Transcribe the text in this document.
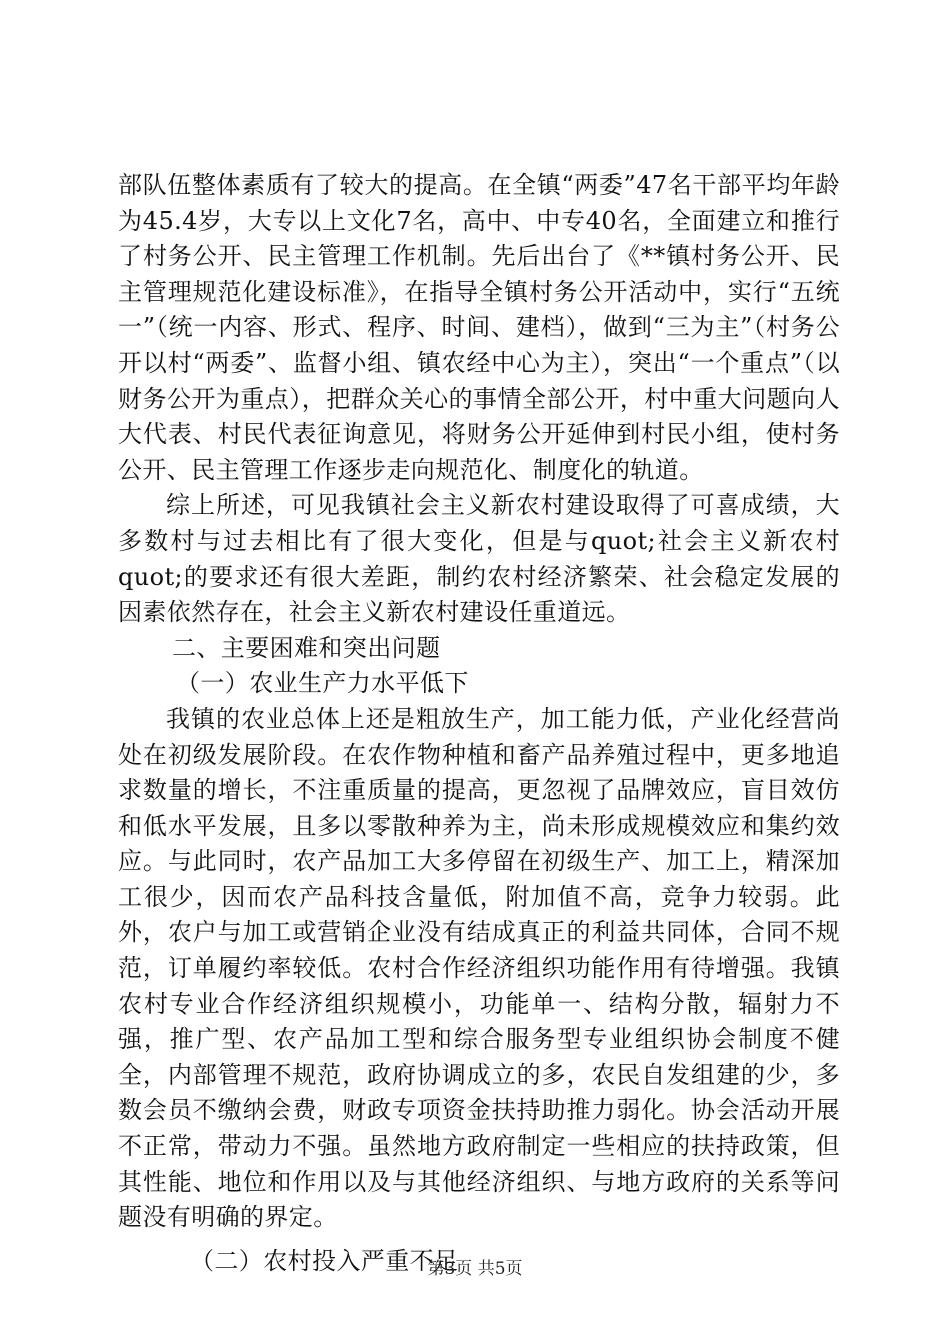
部队伍整体素质有了较大的提高。在全镇“两委”47名干部平均年龄为45.4岁，大专以上文化7名，高中、中专40名，全面建立和推行了村务公开、民主管理工作机制。先后出台了《**镇村务公开、民主管理规范化建设标准》，在指导全镇村务公开活动中，实行“五统一”（统一内容、形式、程序、时间、建档），做到“三为主”（村务公开以村“两委”、监督小组、镇农经中心为主），突出“一个重点”（以财务公开为重点），把群众关心的事情全部公开，村中重大问题向人大代表、村民代表征询意见，将财务公开延伸到村民小组，使村务公开、民主管理工作逐步走向规范化、制度化的轨道。

综上所述，可见我镇社会主义新农村建设取得了可喜成绩，大多数村与过去相比有了很大变化，但是与quot;社会主义新农村quot;的要求还有很大差距，制约农村经济繁荣、社会稳定发展的因素依然存在，社会主义新农村建设任重道远。

二、主要困难和突出问题

（一）农业生产力水平低下

我镇的农业总体上还是粗放生产，加工能力低，产业化经营尚处在初级发展阶段。在农作物种植和畜产品养殖过程中，更多地追求数量的增长，不注重质量的提高，更忽视了品牌效应，盲目效仿和低水平发展，且多以零散种养为主，尚未形成规模效应和集约效应。与此同时，农产品加工大多停留在初级生产、加工上，精深加工很少，因而农产品科技含量低，附加值不高，竞争力较弱。此外，农户与加工或营销企业没有结成真正的利益共同体，合同不规范，订单履约率较低。农村合作经济组织功能作用有待增强。我镇农村专业合作经济组织规模小，功能单一、结构分散，辐射力不强，推广型、农产品加工型和综合服务型专业组织协会制度不健全，内部管理不规范，政府协调成立的多，农民自发组建的少，多数会员不缴纳会费，财政专项资金扶持助推力弱化。协会活动开展不正常，带动力不强。虽然地方政府制定一些相应的扶持政策，但其性能、地位和作用以及与其他经济组织、与地方政府的关系等问题没有明确的界定。

（二）农村投入严重不足

第3页 共5页
